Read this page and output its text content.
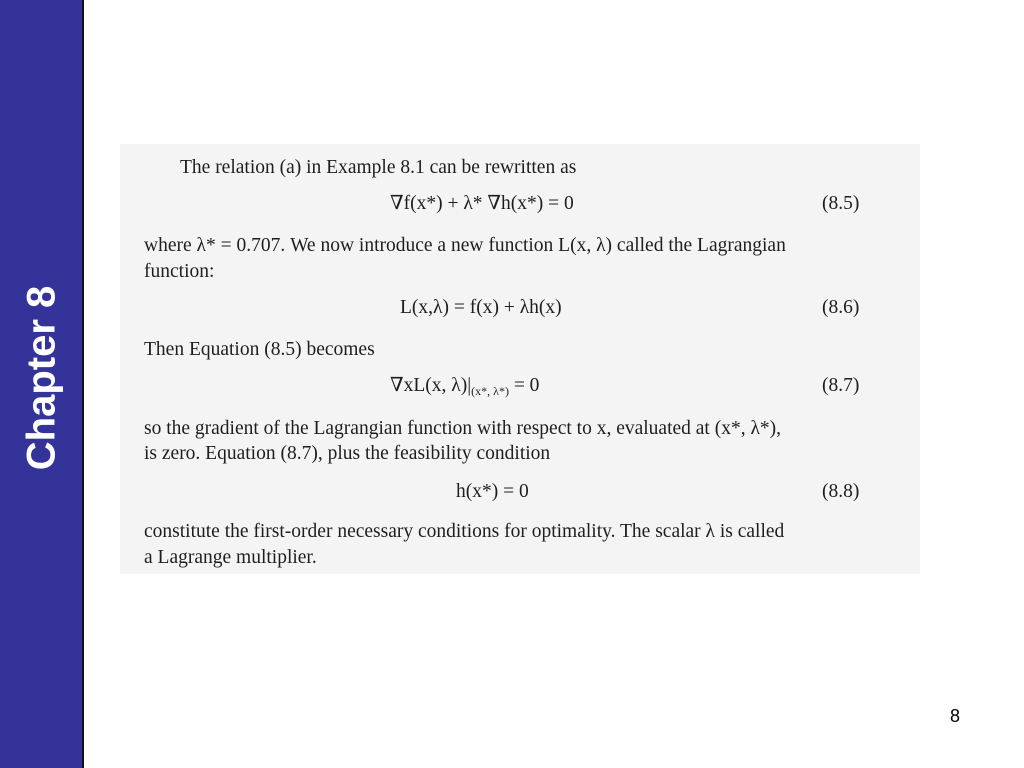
Chapter 8
The relation (a) in Example 8.1 can be rewritten as
∇f(x*) + λ* ∇h(x*) = 0	(8.5)
where λ* = 0.707. We now introduce a new function L(x, λ) called the Lagrangian
function:
L(x,λ) = f(x) + λh(x)	(8.6)
Then Equation (8.5) becomes
∇xL(x, $\lambda)|_{(x*, \lambda*)} = 0$	(8.7)
so the gradient of the Lagrangian function with respect to x, evaluated at (x*, λ*),
is zero. Equation (8.7), plus the feasibility condition
h(x*) = 0	(8.8)
constitute the first-order necessary conditions for optimality. The scalar λ is called
a Lagrange multiplier.
8
